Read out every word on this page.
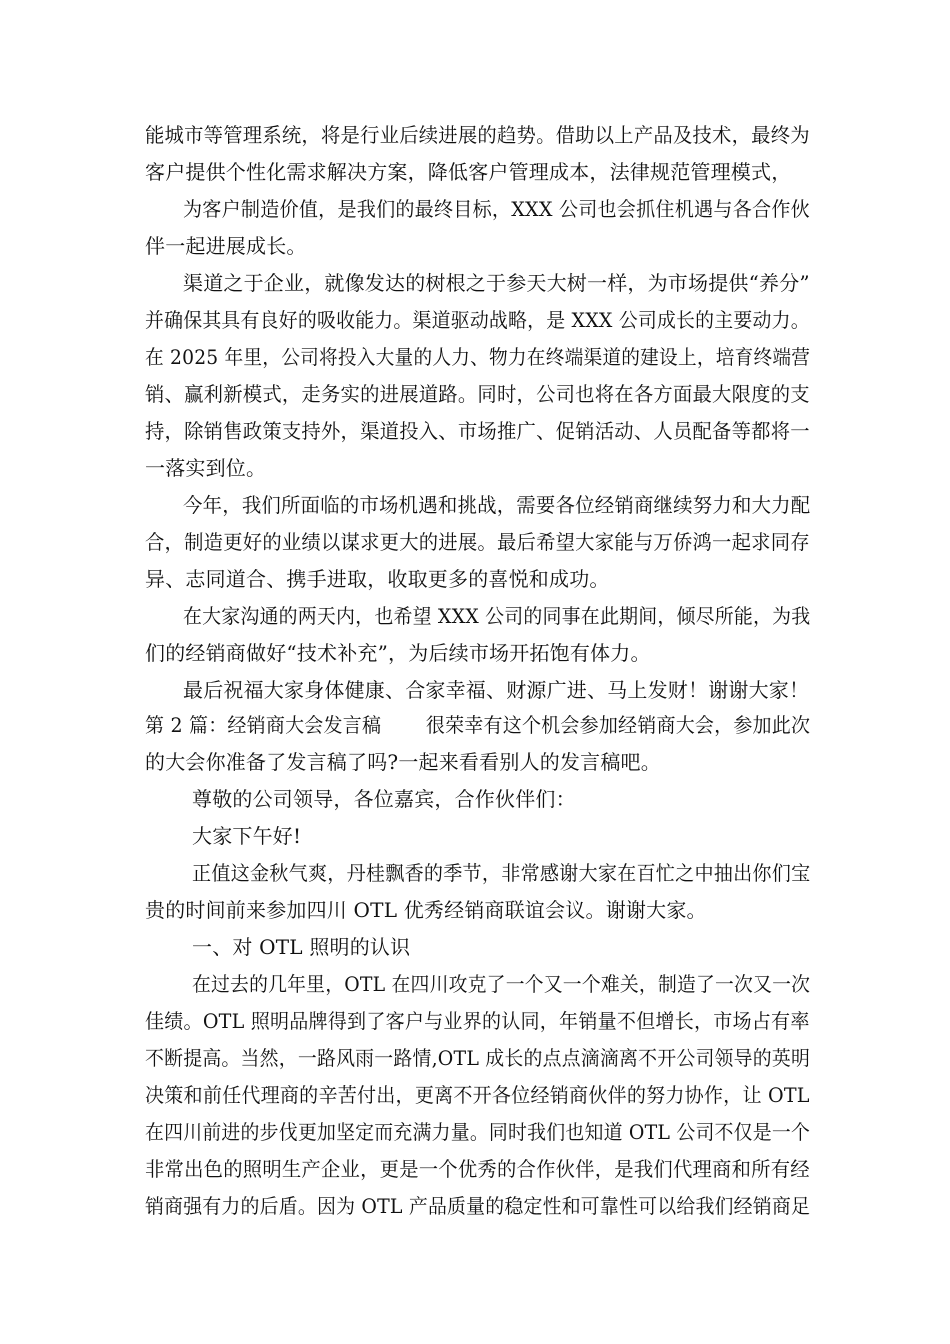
能城市等管理系统，将是行业后续进展的趋势。借助以上产品及技术，最终为
客户提供个性化需求解决方案，降低客户管理成本，法律规范管理模式，
为客户制造价值，是我们的最终目标，XXX 公司也会抓住机遇与各合作伙
伴一起进展成长。
渠道之于企业，就像发达的树根之于参天大树一样，为市场提供“养分”
并确保其具有良好的吸收能力。渠道驱动战略，是 XXX 公司成长的主要动力。
在 2025 年里，公司将投入大量的人力、物力在终端渠道的建设上，培育终端营
销、赢利新模式，走务实的进展道路。同时，公司也将在各方面最大限度的支
持，除销售政策支持外，渠道投入、市场推广、促销活动、人员配备等都将一
一落实到位。
今年，我们所面临的市场机遇和挑战，需要各位经销商继续努力和大力配
合，制造更好的业绩以谋求更大的进展。最后希望大家能与万侨鸿一起求同存
异、志同道合、携手进取，收取更多的喜悦和成功。
在大家沟通的两天内，也希望 XXX 公司的同事在此期间，倾尽所能，为我
们的经销商做好“技术补充”，为后续市场开拓饱有体力。
最后祝福大家身体健康、合家幸福、财源广进、马上发财！谢谢大家！
第 2 篇：经销商大会发言稿　　 很荣幸有这个机会参加经销商大会，参加此次
的大会你准备了发言稿了吗?一起来看看别人的发言稿吧。
尊敬的公司领导，各位嘉宾，合作伙伴们：
大家下午好!
正值这金秋气爽，丹桂飘香的季节，非常感谢大家在百忙之中抽出你们宝
贵的时间前来参加四川 OTL 优秀经销商联谊会议。谢谢大家。
一、对 OTL 照明的认识
在过去的几年里，OTL 在四川攻克了一个又一个难关，制造了一次又一次
佳绩。OTL 照明品牌得到了客户与业界的认同，年销量不但增长，市场占有率
不断提高。当然，一路风雨一路情,OTL 成长的点点滴滴离不开公司领导的英明
决策和前任代理商的辛苦付出，更离不开各位经销商伙伴的努力协作，让 OTL
在四川前进的步伐更加坚定而充满力量。同时我们也知道 OTL 公司不仅是一个
非常出色的照明生产企业，更是一个优秀的合作伙伴，是我们代理商和所有经
销商强有力的后盾。因为 OTL 产品质量的稳定性和可靠性可以给我们经销商足
